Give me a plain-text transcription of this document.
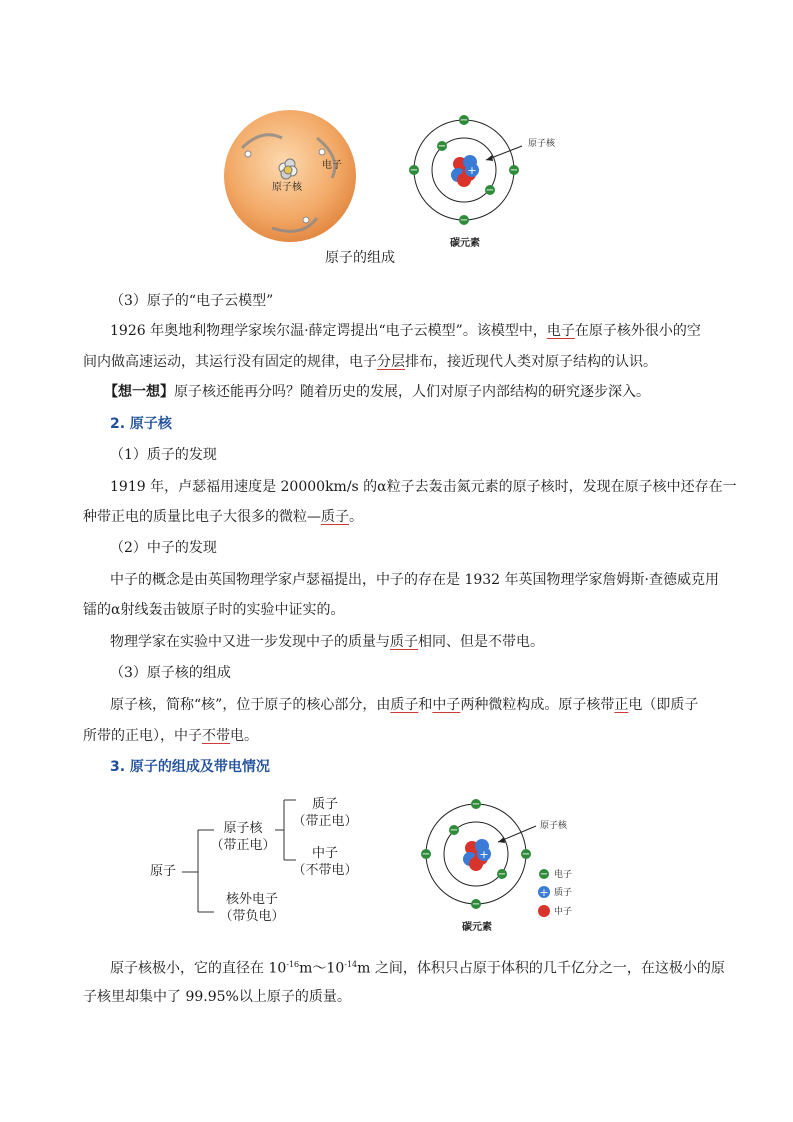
原子核
电子	+
−
−
−	−
−
−
原子核
碳元素
原子的组成
（3）原子的“电子云模型”
1926 年奥地利物理学家埃尔温·薛定谔提出“电子云模型”。该模型中，电子在原子核外很小的空
间内做高速运动，其运行没有固定的规律，电子分层排布，接近现代人类对原子结构的认识。
【想一想】原子核还能再分吗？随着历史的发展，人们对原子内部结构的研究逐步深入。
2. 原子核
（1）质子的发现
1919 年，卢瑟福用速度是 20000km/s 的α粒子去轰击氮元素的原子核时，发现在原子核中还存在一
种带正电的质量比电子大很多的微粒—质子。
（2）中子的发现
中子的概念是由英国物理学家卢瑟福提出，中子的存在是 1932 年英国物理学家詹姆斯·查德威克用
镭的α射线轰击铍原子时的实验中证实的。
物理学家在实验中又进一步发现中子的质量与质子相同、但是不带电。
（3）原子核的组成
原子核，简称“核”，位于原子的核心部分，由质子和中子两种微粒构成。原子核带正电（即质子
所带的正电），中子不带电。
3. 原子的组成及带电情况
原子
原子核
（带正电）
质子
（带正电）
中子
（不带电）
核外电子
（带负电）
+
−
−
−	−
−
−
原子核
碳元素
− 电子
+ 质子
中子
原子核极小，它的直径在 $10^{-16}m\sim 10^{-14}m$ 之间，体积只占原于体积的几千亿分之一，在这极小的原
子核里却集中了 99.95%以上原子的质量。
